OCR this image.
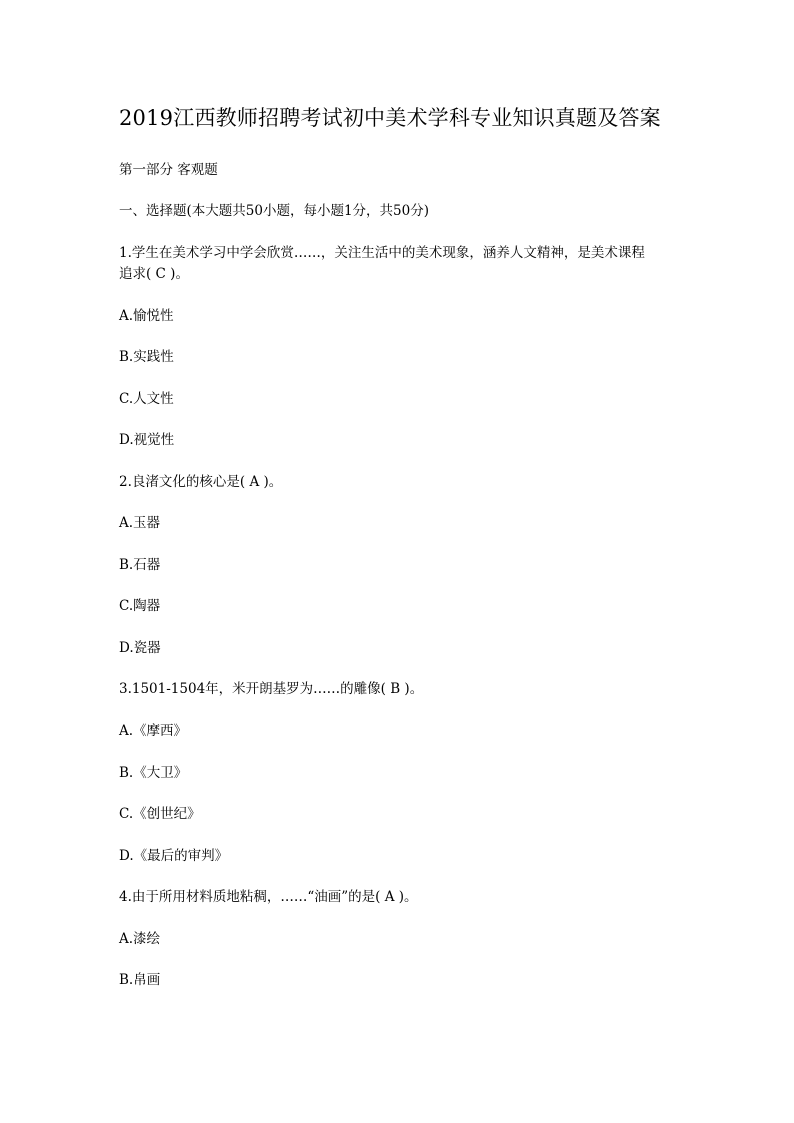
2019江西教师招聘考试初中美术学科专业知识真题及答案
第一部分 客观题
一、选择题(本大题共50小题，每小题1分，共50分)
1.学生在美术学习中学会欣赏……，关注生活中的美术现象，涵养人文精神，是美术课程
追求( C )。
A.愉悦性
B.实践性
C.人文性
D.视觉性
2.良渚文化的核心是( A )。
A.玉器
B.石器
C.陶器
D.瓷器
3.1501-1504年，米开朗基罗为……的雕像( B )。
A.《摩西》
B.《大卫》
C.《创世纪》
D.《最后的审判》
4.由于所用材料质地粘稠，……“油画”的是( A )。
A.漆绘
B.帛画
